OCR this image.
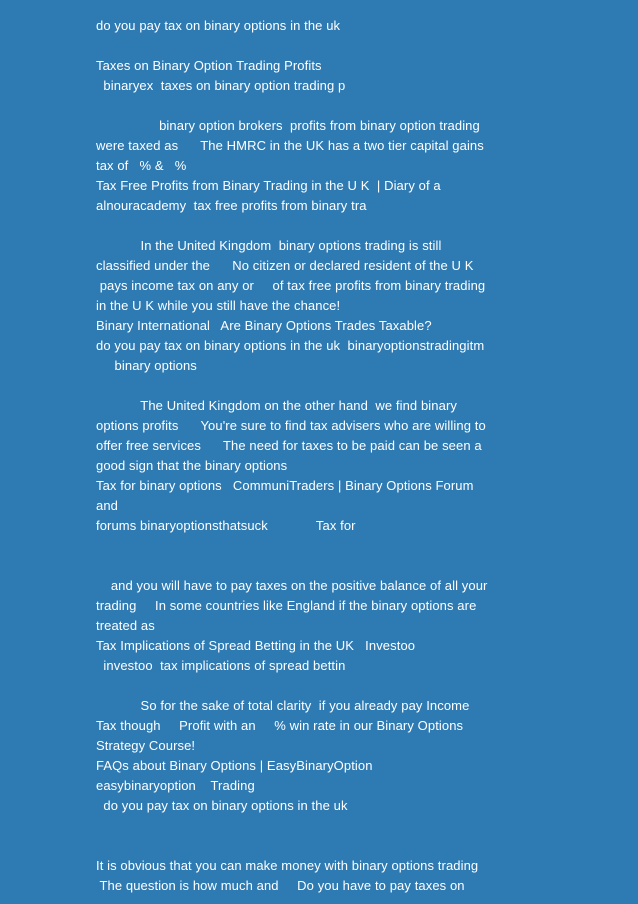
do you pay tax on binary options in the uk
Taxes on Binary Option Trading Profits
binaryex  taxes on binary option trading p
binary option brokers  profits from binary option trading
were taxed as      The HMRC in the UK has a two tier capital gains
tax of   % &   %
Tax Free Profits from Binary Trading in the U K  | Diary of a
alnouracademy  tax free profits from binary tra
In the United Kingdom  binary options trading is still
classified under the      No citizen or declared resident of the U K
pays income tax on any or     of tax free profits from binary trading
in the U K while you still have the chance!
Binary International   Are Binary Options Trades Taxable?
do you pay tax on binary options in the uk  binaryoptionstradingitm
binary options
The United Kingdom on the other hand  we find binary
options profits      You're sure to find tax advisers who are willing to
offer free services      The need for taxes to be paid can be seen a
good sign that the binary options
Tax for binary options   CommuniTraders | Binary Options Forum
and
forums binaryoptionsthatsuck             Tax for
and you will have to pay taxes on the positive balance of all your
trading     In some countries like England if the binary options are
treated as
Tax Implications of Spread Betting in the UK   Investoo
investoo  tax implications of spread bettin
So for the sake of total clarity  if you already pay Income
Tax though     Profit with an     % win rate in our Binary Options
Strategy Course!
FAQs about Binary Options | EasyBinaryOption
easybinaryoption    Trading
do you pay tax on binary options in the uk
It is obvious that you can make money with binary options trading
The question is how much and     Do you have to pay taxes on
